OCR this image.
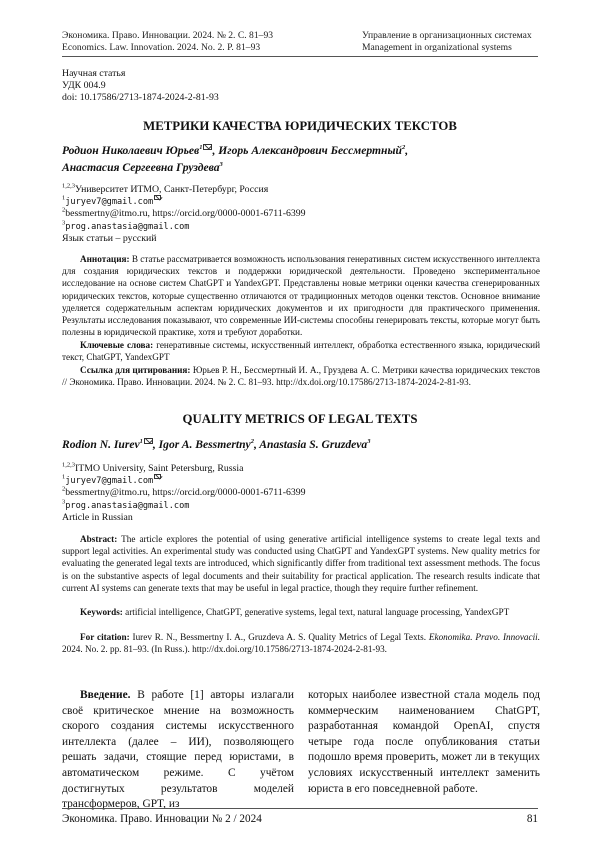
Экономика. Право. Инновации. 2024. № 2. С. 81–93
Economics. Law. Innovation. 2024. No. 2. P. 81–93
Управление в организационных системах
Management in organizational systems
Научная статья
УДК 004.9
doi: 10.17586/2713-1874-2024-2-81-93
МЕТРИКИ КАЧЕСТВА ЮРИДИЧЕСКИХ ТЕКСТОВ
Родион Николаевич Юрьев$^1$ , Игорь Александрович Бессмертный$^2$,
Анастасия Сергеевна Груздева$^3$
$^{1,2,3}$Университет ИТМО, Санкт-Петербург, Россия
$^1$juryev7@gmail.com
$^2$bessmertny@itmo.ru, https://orcid.org/0000-0001-6711-6399
$^3$prog.anastasia@gmail.com
Язык статьи – русский
Аннотация: В статье рассматривается возможность использования генеративных систем искусственного интеллекта для создания юридических текстов и поддержки юридической деятельности. Проведено экспериментальное исследование на основе систем ChatGPT и YandexGPT. Представлены новые метрики оценки качества сгенерированных юридических текстов, которые существенно отличаются от традиционных методов оценки текстов. Основное внимание уделяется содержательным аспектам юридических документов и их пригодности для практического применения. Результаты исследования показывают, что современные ИИ-системы способны генерировать тексты, которые могут быть полезны в юридической практике, хотя и требуют доработки.
Ключевые слова: генеративные системы, искусственный интеллект, обработка естественного языка, юридический текст, ChatGPT, YandexGPT
Ссылка для цитирования: Юрьев Р. Н., Бессмертный И. А., Груздева А. С. Метрики качества юридических текстов // Экономика. Право. Инновации. 2024. № 2. С. 81–93. http://dx.doi.org/10.17586/2713-1874-2024-2-81-93.
QUALITY METRICS OF LEGAL TEXTS
Rodion N. Iurev$^1$ , Igor A. Bessmertny$^2$, Anastasia S. Gruzdeva$^3$
$^{1,2,3}$ITMO University, Saint Petersburg, Russia
$^1$juryev7@gmail.com
$^2$bessmertny@itmo.ru, https://orcid.org/0000-0001-6711-6399
$^3$prog.anastasia@gmail.com
Article in Russian
Abstract: The article explores the potential of using generative artificial intelligence systems to create legal texts and support legal activities. An experimental study was conducted using ChatGPT and YandexGPT systems. New quality metrics for evaluating the generated legal texts are introduced, which significantly differ from traditional text assessment methods. The focus is on the substantive aspects of legal documents and their suitability for practical application. The research results indicate that current AI systems can generate texts that may be useful in legal practice, though they require further refinement.
Keywords: artificial intelligence, ChatGPT, generative systems, legal text, natural language processing, YandexGPT
For citation: Iurev R. N., Bessmertny I. A., Gruzdeva A. S. Quality Metrics of Legal Texts. Ekonomika. Pravo. Innovacii. 2024. No. 2. pp. 81–93. (In Russ.). http://dx.doi.org/10.17586/2713-1874-2024-2-81-93.
Введение. В работе [1] авторы излагали своё критическое мнение на возможность скорого создания системы искусственного интеллекта (далее – ИИ), позволяющего решать задачи, стоящие перед юристами, в автоматическом режиме. С учётом достигнутых результатов моделей трансформеров, GPT, из
которых наиболее известной стала модель под коммерческим наименованием ChatGPT, разработанная командой OpenAI, спустя четыре года после опубликования статьи подошло время проверить, может ли в текущих условиях искусственный интеллект заменить юриста в его повседневной работе.
Экономика. Право. Инновации № 2 / 2024	81
